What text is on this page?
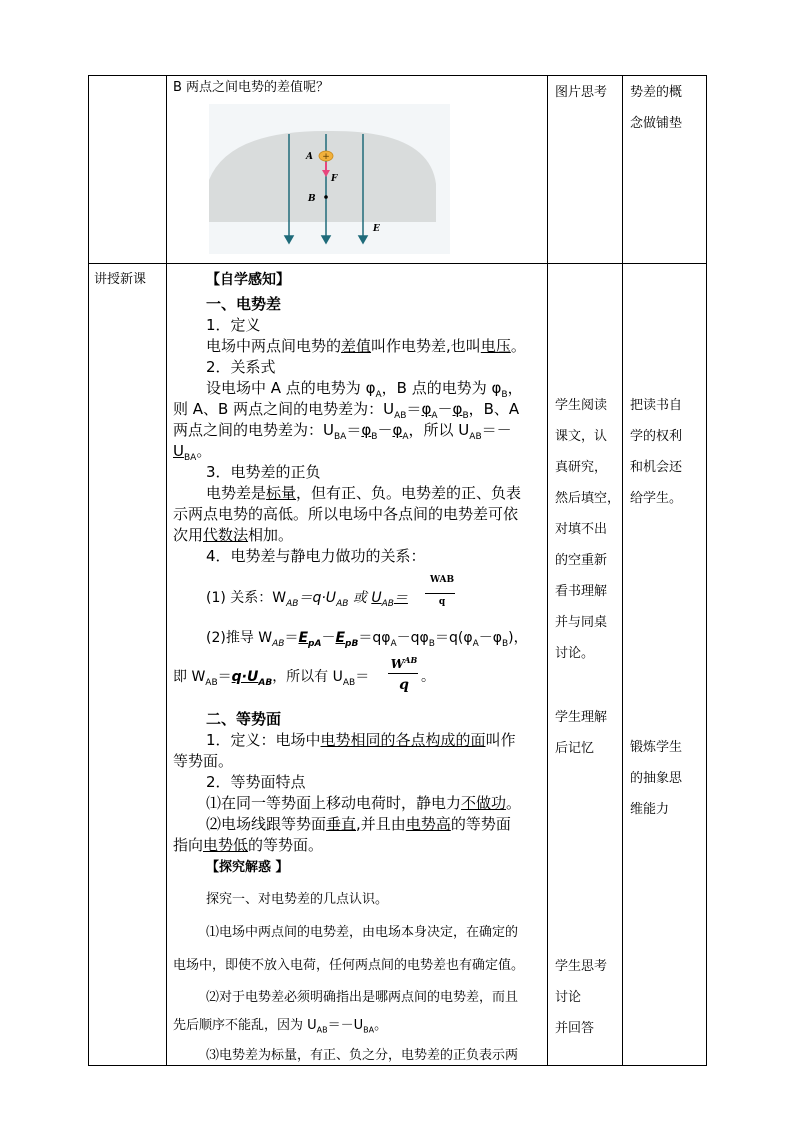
B 两点之间电势的差值呢？
+
A
F
B
E
图片思考 势差的概
念做铺垫
讲授新课	【自学感知】
一、电势差
1．定义
电场中两点间电势的差值叫作电势差,也叫电压。
2．关系式
设电场中 A 点的电势为 $\varphi_A$，B 点的电势为 $\varphi_B$，
则 A、B 两点之间的电势差为：$U_{AB}=\varphi_A-\varphi_B$，B、A
两点之间的电势差为：$U_{BA}=\varphi_B-\varphi_A$，所以 $U_{AB}=-$
$U_{BA}$。
3．电势差的正负
电势差是标量，但有正、负。电势差的正、负表
示两点电势的高低。所以电场中各点间的电势差可依
次用代数法相加。
4．电势差与静电力做功的关系：
(1) 关系：$W_{AB}=q\cdot U_{AB}$ 或 $U_{AB}=$
WAB
q
(2)推导 $W_{AB}=E_{pA}-E_{pB}=q\varphi_A-q\varphi_B=q(\varphi_A-\varphi_B)$，
即 $W_{AB}=q\cdot U_{AB}$，所以有 $U_{AB}=$
$W^{AB}$
q 。
二、等势面
1．定义：电场中电势相同的各点构成的面叫作
等势面。
2．等势面特点
⑴在同一等势面上移动电荷时，静电力不做功。
⑵电场线跟等势面垂直,并且由电势高的等势面
指向电势低的等势面。
【探究解惑 】
探究一、对电势差的几点认识。
⑴电场中两点间的电势差，由电场本身决定，在确定的
电场中，即使不放入电荷，任何两点间的电势差也有确定值。
⑵对于电势差必须明确指出是哪两点间的电势差，而且
先后顺序不能乱，因为 $U_{AB}=-U_{BA}$。
⑶电势差为标量，有正、负之分，电势差的正负表示两
学生阅读
课文，认
真研究，
然后填空，
对填不出
的空重新
看书理解
并与同桌
讨论。
学生理解
后记忆
学生思考
讨论
并回答
把读书自
学的权利
和机会还
给学生。
锻炼学生
的抽象思
维能力
